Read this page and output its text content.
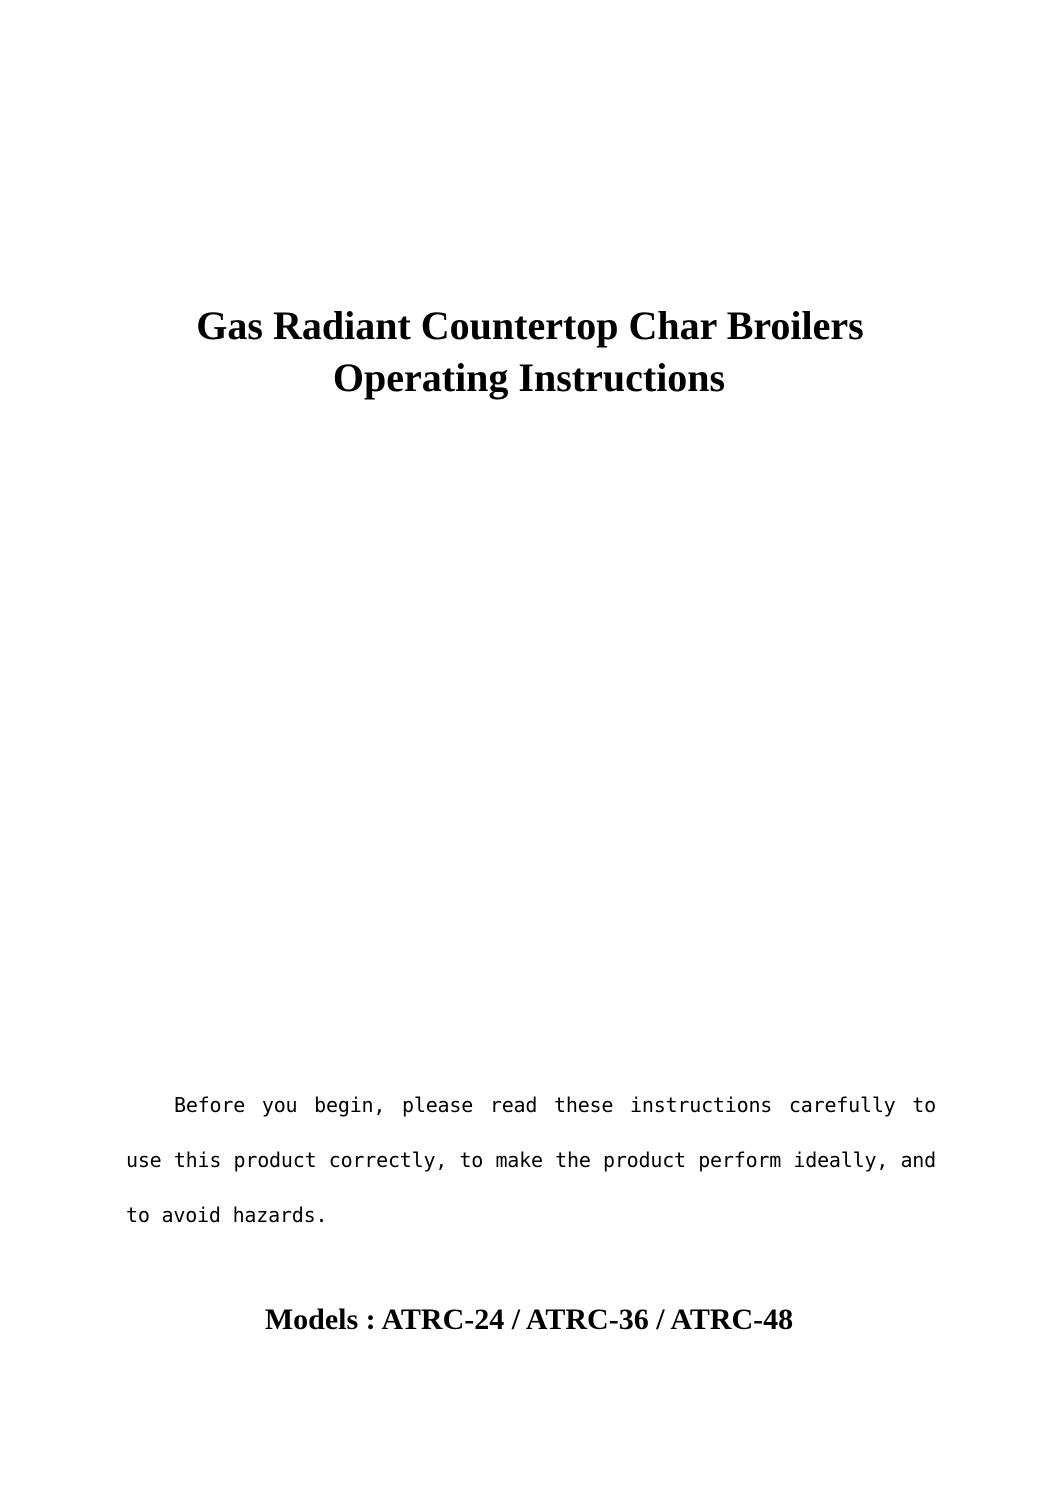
Gas Radiant Countertop Char Broilers
Operating Instructions

Before you begin, please read these instructions carefully to use this product correctly, to make the product perform ideally, and to avoid hazards.

Models : ATRC-24 / ATRC-36 / ATRC-48
